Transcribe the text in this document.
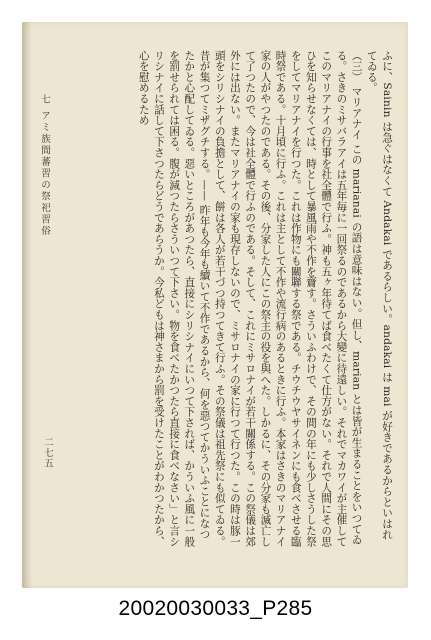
ふに、Sainin は急ぐはなくて Andakai であるらしい。andakai は mai が好きであるからといはれてゐる。

（三） マリアナイ この marianai の語は意味はない。但し、marian とは皆が生まることをいつてゐる。さきのミサバラアイは五年毎に一回祭るのであるから大變に待遠しい。それでマカワイが主催してこのマリアナイの行事を社全體で行ふ。神も五ヶ年待てば食べたくて仕方がない。それで人間にその思ひを知らせなくては、時として暴風雨や不作を齎す。さういふわけで、その間の年にも少しさうした祭をしてマリアナイを行つた。これは作物にも關聯する祭である。チウチウヤサイネンにも食べさせる臨時祭である。十月頃に行ふ。これは主として不作や流行病のあるときに行ふ。本家はさきのマリアナイ家の人がやつたのである。その後、分家した人にこの祭主の役を與へた。しかるに、その分家も滅亡して了つたので、今は社全體で行ふのである。そして、これにミサロナイが若干關係する。この祭儀は郊外には出ない。またマリアナイの家も現存しないので、ミサロナイの家に行つて行つた。この時は豚一頭をシリシナイの負擔として、餅は各人が若干づつ持つてきて行ふ。その祭儀は祖先祭にも似てゐる。昔が集つてミザグチする。—— 昨年も今年も續いて不作であるから、何を惡つてかういふことになつたかと心配してゐる。惡いところがあつたら、直接にシリシナイにいつて下されば、かういふ風に一般を罰せられては困る。腹が減つたらさういつて下さい。物を食べたかつたら直接に食べなさい」と言シリシナイに話して下さつたらどうであらうか。今私どもは神さまから罰を受けたことがわかつたから、心を慰めるため

七 アミ族間蕃習の祭祀習俗
二七五
20020030033_P285
